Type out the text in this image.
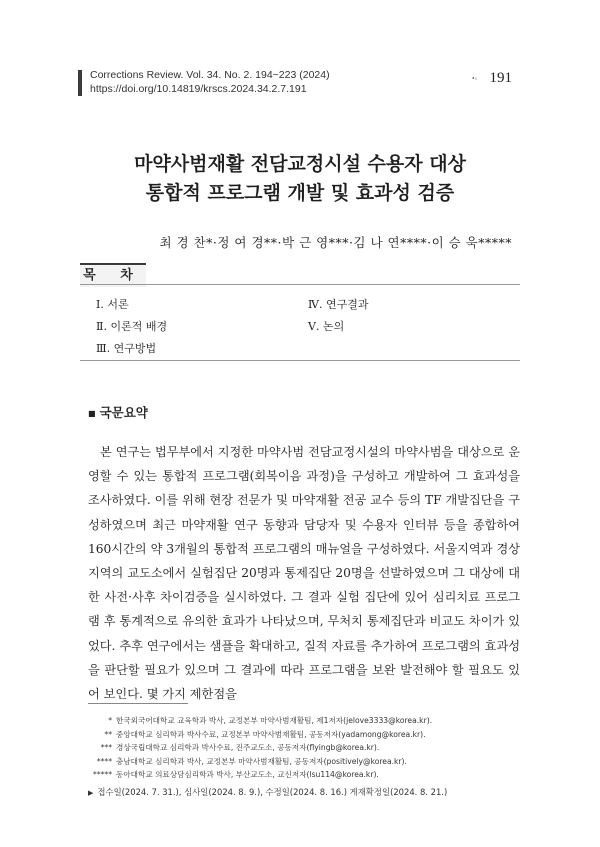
Corrections Review. Vol. 34. No. 2. 194~223 (2024)
https://doi.org/10.14819/krscs.2024.34.2.7.191
•◦ 191
마약사범재활 전담교정시설 수용자 대상
통합적 프로그램 개발 및 효과성 검증
최 경 찬*·정 여 경**·박 근 영***·김 나 연****·이 승 욱*****
목 차
Ⅰ. 서론
Ⅱ. 이론적 배경
Ⅲ. 연구방법
Ⅳ. 연구결과
Ⅴ. 논의
■ 국문요약
본 연구는 법무부에서 지정한 마약사범 전담교정시설의 마약사범을 대상으로 운영할 수 있는 통합적 프로그램(회복이음 과정)을 구성하고 개발하여 그 효과성을 조사하였다. 이를 위해 현장 전문가 및 마약재활 전공 교수 등의 TF 개발집단을 구성하였으며 최근 마약재활 연구 동향과 담당자 및 수용자 인터뷰 등을 종합하여 160시간의 약 3개월의 통합적 프로그램의 매뉴얼을 구성하였다. 서울지역과 경상지역의 교도소에서 실험집단 20명과 통제집단 20명을 선발하였으며 그 대상에 대한 사전·사후 차이검증을 실시하였다. 그 결과 실험 집단에 있어 심리치료 프로그램 후 통계적으로 유의한 효과가 나타났으며, 무처치 통제집단과 비교도 차이가 있었다. 추후 연구에서는 샘플을 확대하고, 질적 자료를 추가하여 프로그램의 효과성을 판단할 필요가 있으며 그 결과에 따라 프로그램을 보완 발전해야 할 필요도 있어 보인다. 몇 가지 제한점을
* 한국외국어대학교 교육학과 박사, 교정본부 마약사범재활팀, 제1저자(jelove3333@korea.kr).
** 중앙대학교 심리학과 박사수료, 교정본부 마약사범재활팀, 공동저자(yadamong@korea.kr).
*** 경상국립대학교 심리학과 박사수료, 진주교도소, 공동저자(flyingb@korea.kr).
**** 충남대학교 심리학과 박사, 교정본부 마약사범재활팀, 공동저자(positively@korea.kr).
***** 동아대학교 의료상담심리학과 박사, 부산교도소, 교신저자(lsu114@korea.kr).
▶ 접수일(2024. 7. 31.), 심사일(2024. 8. 9.), 수정일(2024. 8. 16.) 게재확정일(2024. 8. 21.)
